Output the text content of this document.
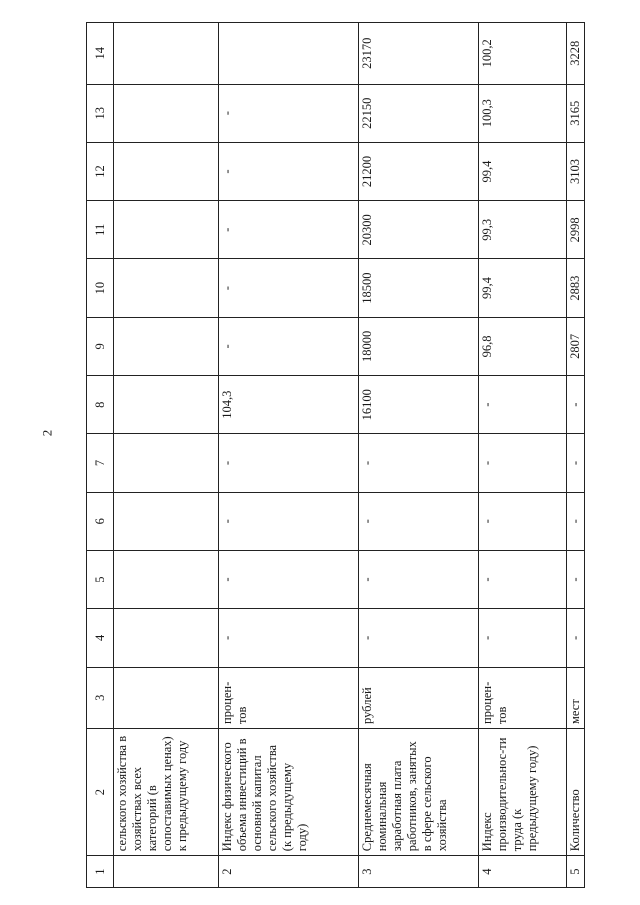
2
1	2	3	4	5	6	7	8	9	10	11	12	13	14
	сельского хозяйства в хозяйствах всех категорий (в сопоставимых ценах) к предыдущему году												
2	Индекс физического объема инвестиций в основной капитал сельского хозяйства (к предыдущему году)	процен-тов	-	-	-	-	104,3	-	-	-	-	-	
3	Среднемесячная номинальная заработная плата работников, занятых в сфере сельского хозяйства	рублей	-	-	-	-	16100	18000	18500	20300	21200	22150	23170
4	Индекс производительнос-ти труда (к предыдущему году)	процен-тов	-	-	-	-	-	96,8	99,4	99,3	99,4	100,3	100,2
5	Количество	мест	-	-	-	-	-	2807	2883	2998	3103	3165	3228
